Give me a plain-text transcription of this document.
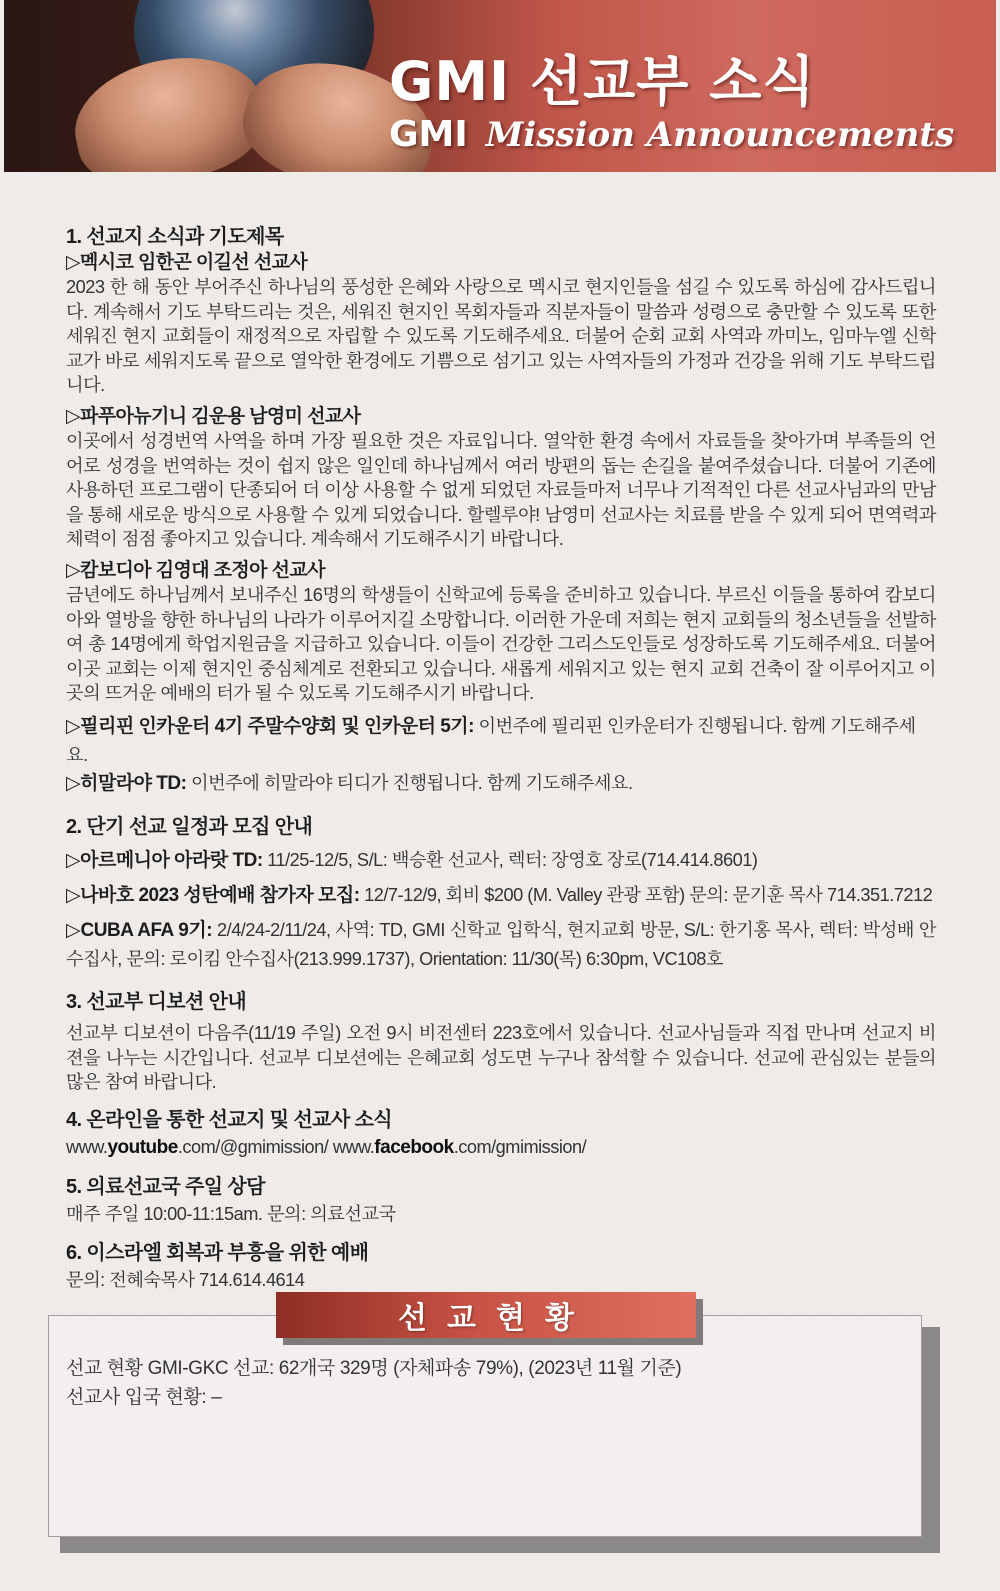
GMI 선교부 소식
GMI Mission Announcements
1. 선교지 소식과 기도제목
▷멕시코 임한곤 이길선 선교사
2023 한 해 동안 부어주신 하나님의 풍성한 은혜와 사랑으로 멕시코 현지인들을 섬길 수 있도록 하심에 감사드립니다. 계속해서 기도 부탁드리는 것은, 세워진 현지인 목회자들과 직분자들이 말씀과 성령으로 충만할 수 있도록 또한 세워진 현지 교회들이 재정적으로 자립할 수 있도록 기도해주세요. 더불어 순회 교회 사역과 까미노, 임마누엘 신학교가 바로 세워지도록 끝으로 열악한 환경에도 기쁨으로 섬기고 있는 사역자들의 가정과 건강을 위해 기도 부탁드립니다.
▷파푸아뉴기니 김운용 남영미 선교사
이곳에서 성경번역 사역을 하며 가장 필요한 것은 자료입니다. 열악한 환경 속에서 자료들을 찾아가며 부족들의 언어로 성경을 번역하는 것이 쉽지 않은 일인데 하나님께서 여러 방편의 돕는 손길을 붙여주셨습니다. 더불어 기존에 사용하던 프로그램이 단종되어 더 이상 사용할 수 없게 되었던 자료들마저 너무나 기적적인 다른 선교사님과의 만남을 통해 새로운 방식으로 사용할 수 있게 되었습니다. 할렐루야! 남영미 선교사는 치료를 받을 수 있게 되어 면역력과 체력이 점점 좋아지고 있습니다. 계속해서 기도해주시기 바랍니다.
▷캄보디아 김영대 조정아 선교사
금년에도 하나님께서 보내주신 16명의 학생들이 신학교에 등록을 준비하고 있습니다. 부르신 이들을 통하여 캄보디아와 열방을 향한 하나님의 나라가 이루어지길 소망합니다. 이러한 가운데 저희는 현지 교회들의 청소년들을 선발하여 총 14명에게 학업지원금을 지급하고 있습니다. 이들이 건강한 그리스도인들로 성장하도록 기도해주세요. 더불어 이곳 교회는 이제 현지인 중심체계로 전환되고 있습니다. 새롭게 세워지고 있는 현지 교회 건축이 잘 이루어지고 이곳의 뜨거운 예배의 터가 될 수 있도록 기도해주시기 바랍니다.
▷필리핀 인카운터 4기 주말수양회 및 인카운터 5기: 이번주에 필리핀 인카운터가 진행됩니다. 함께 기도해주세요.
▷히말라야 TD: 이번주에 히말라야 티디가 진행됩니다. 함께 기도해주세요.
2. 단기 선교 일정과 모집 안내
▷아르메니아 아라랏 TD: 11/25-12/5, S/L: 백승환 선교사, 렉터: 장영호 장로(714.414.8601)
▷나바호 2023 성탄예배 참가자 모집: 12/7-12/9, 회비 $200 (M. Valley 관광 포함) 문의: 문기훈 목사 714.351.7212
▷CUBA AFA 9기: 2/4/24-2/11/24, 사역: TD, GMI 신학교 입학식, 현지교회 방문, S/L: 한기홍 목사, 렉터: 박성배 안수집사, 문의: 로이킴 안수집사(213.999.1737), Orientation: 11/30(목) 6:30pm, VC108호
3. 선교부 디보션 안내
선교부 디보션이 다음주(11/19 주일) 오전 9시 비전센터 223호에서 있습니다. 선교사님들과 직접 만나며 선교지 비젼을 나누는 시간입니다. 선교부 디보션에는 은혜교회 성도면 누구나 참석할 수 있습니다. 선교에 관심있는 분들의 많은 참여 바랍니다.
4. 온라인을 통한 선교지 및 선교사 소식
www.youtube.com/@gmimission/ www.facebook.com/gmimission/
5. 의료선교국 주일 상담
매주 주일 10:00-11:15am. 문의: 의료선교국
6. 이스라엘 회복과 부흥을 위한 예배
문의: 전혜숙목사 714.614.4614
선교현황
선교 현황 GMI-GKC 선교: 62개국 329명 (자체파송 79%), (2023년 11월 기준)
선교사 입국 현황: –
